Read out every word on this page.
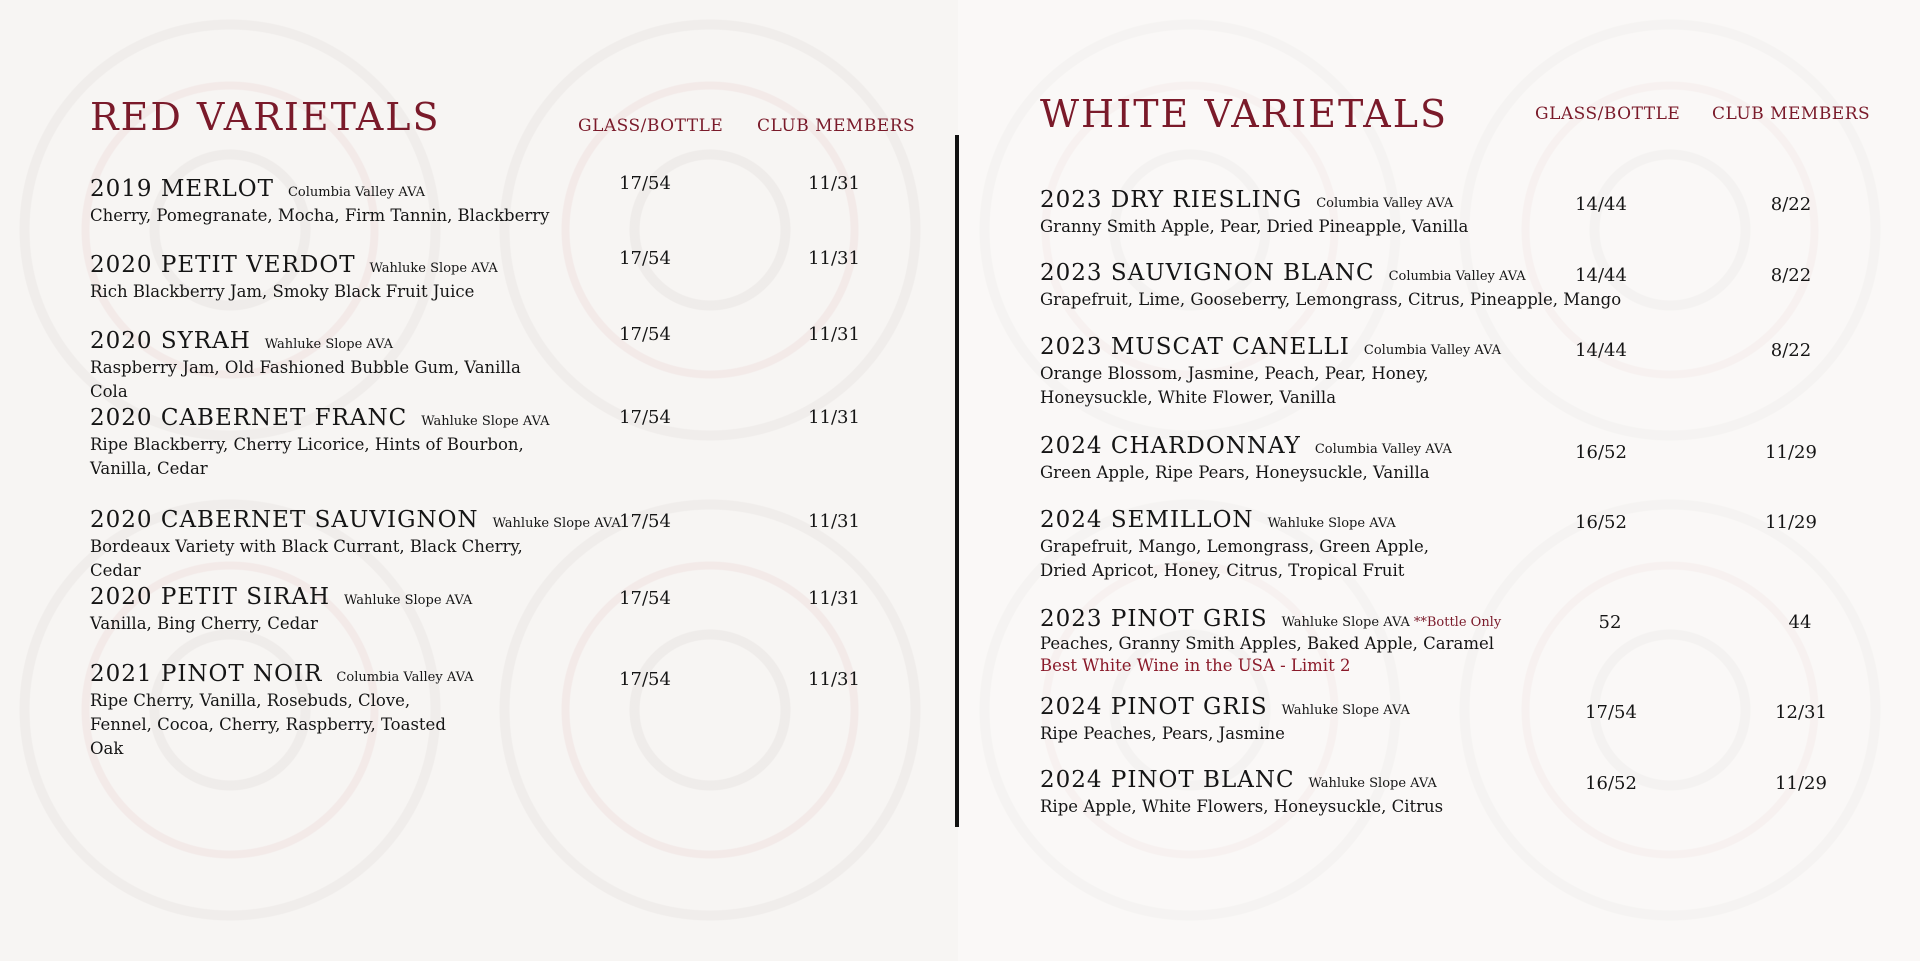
RED VARIETALS	GLASS/BOTTLE CLUB MEMBERS
2019 MERLOT Columbia Valley AVA
Cherry, Pomegranate, Mocha, Firm Tannin, Blackberry
17/54	11/31
2020 PETIT VERDOT Wahluke Slope AVA
Rich Blackberry Jam, Smoky Black Fruit Juice
17/54	11/31
2020 SYRAH Wahluke Slope AVA
Raspberry Jam, Old Fashioned Bubble Gum, Vanilla Cola
17/54	11/31
2020 CABERNET FRANC Wahluke Slope AVA
Ripe Blackberry, Cherry Licorice, Hints of Bourbon, Vanilla, Cedar
17/54	11/31
2020 CABERNET SAUVIGNON Wahluke Slope AVA
Bordeaux Variety with Black Currant, Black Cherry, Cedar
17/54	11/31
2020 PETIT SIRAH Wahluke Slope AVA
Vanilla, Bing Cherry, Cedar
17/54	11/31
2021 PINOT NOIR Columbia Valley AVA
Ripe Cherry, Vanilla, Rosebuds, Clove, Fennel, Cocoa, Cherry, Raspberry, Toasted Oak
17/54	11/31
WHITE VARIETALS	GLASS/BOTTLE CLUB MEMBERS
2023 DRY RIESLING Columbia Valley AVA
Granny Smith Apple, Pear, Dried Pineapple, Vanilla
14/44	8/22
2023 SAUVIGNON BLANC Columbia Valley AVA
Grapefruit, Lime, Gooseberry, Lemongrass, Citrus, Pineapple, Mango
14/44	8/22
2023 MUSCAT CANELLI Columbia Valley AVA
Orange Blossom, Jasmine, Peach, Pear, Honey, Honeysuckle, White Flower, Vanilla
14/44	8/22
2024 CHARDONNAY Columbia Valley AVA
Green Apple, Ripe Pears, Honeysuckle, Vanilla
16/52	11/29
2024 SEMILLON Wahluke Slope AVA
Grapefruit, Mango, Lemongrass, Green Apple, Dried Apricot, Honey, Citrus, Tropical Fruit
16/52	11/29
2023 PINOT GRIS Wahluke Slope AVA **Bottle Only
Peaches, Granny Smith Apples, Baked Apple, Caramel
Best White Wine in the USA - Limit 2
52	44
2024 PINOT GRIS Wahluke Slope AVA
Ripe Peaches, Pears, Jasmine
17/54	12/31
2024 PINOT BLANC Wahluke Slope AVA
Ripe Apple, White Flowers, Honeysuckle, Citrus
16/52	11/29
